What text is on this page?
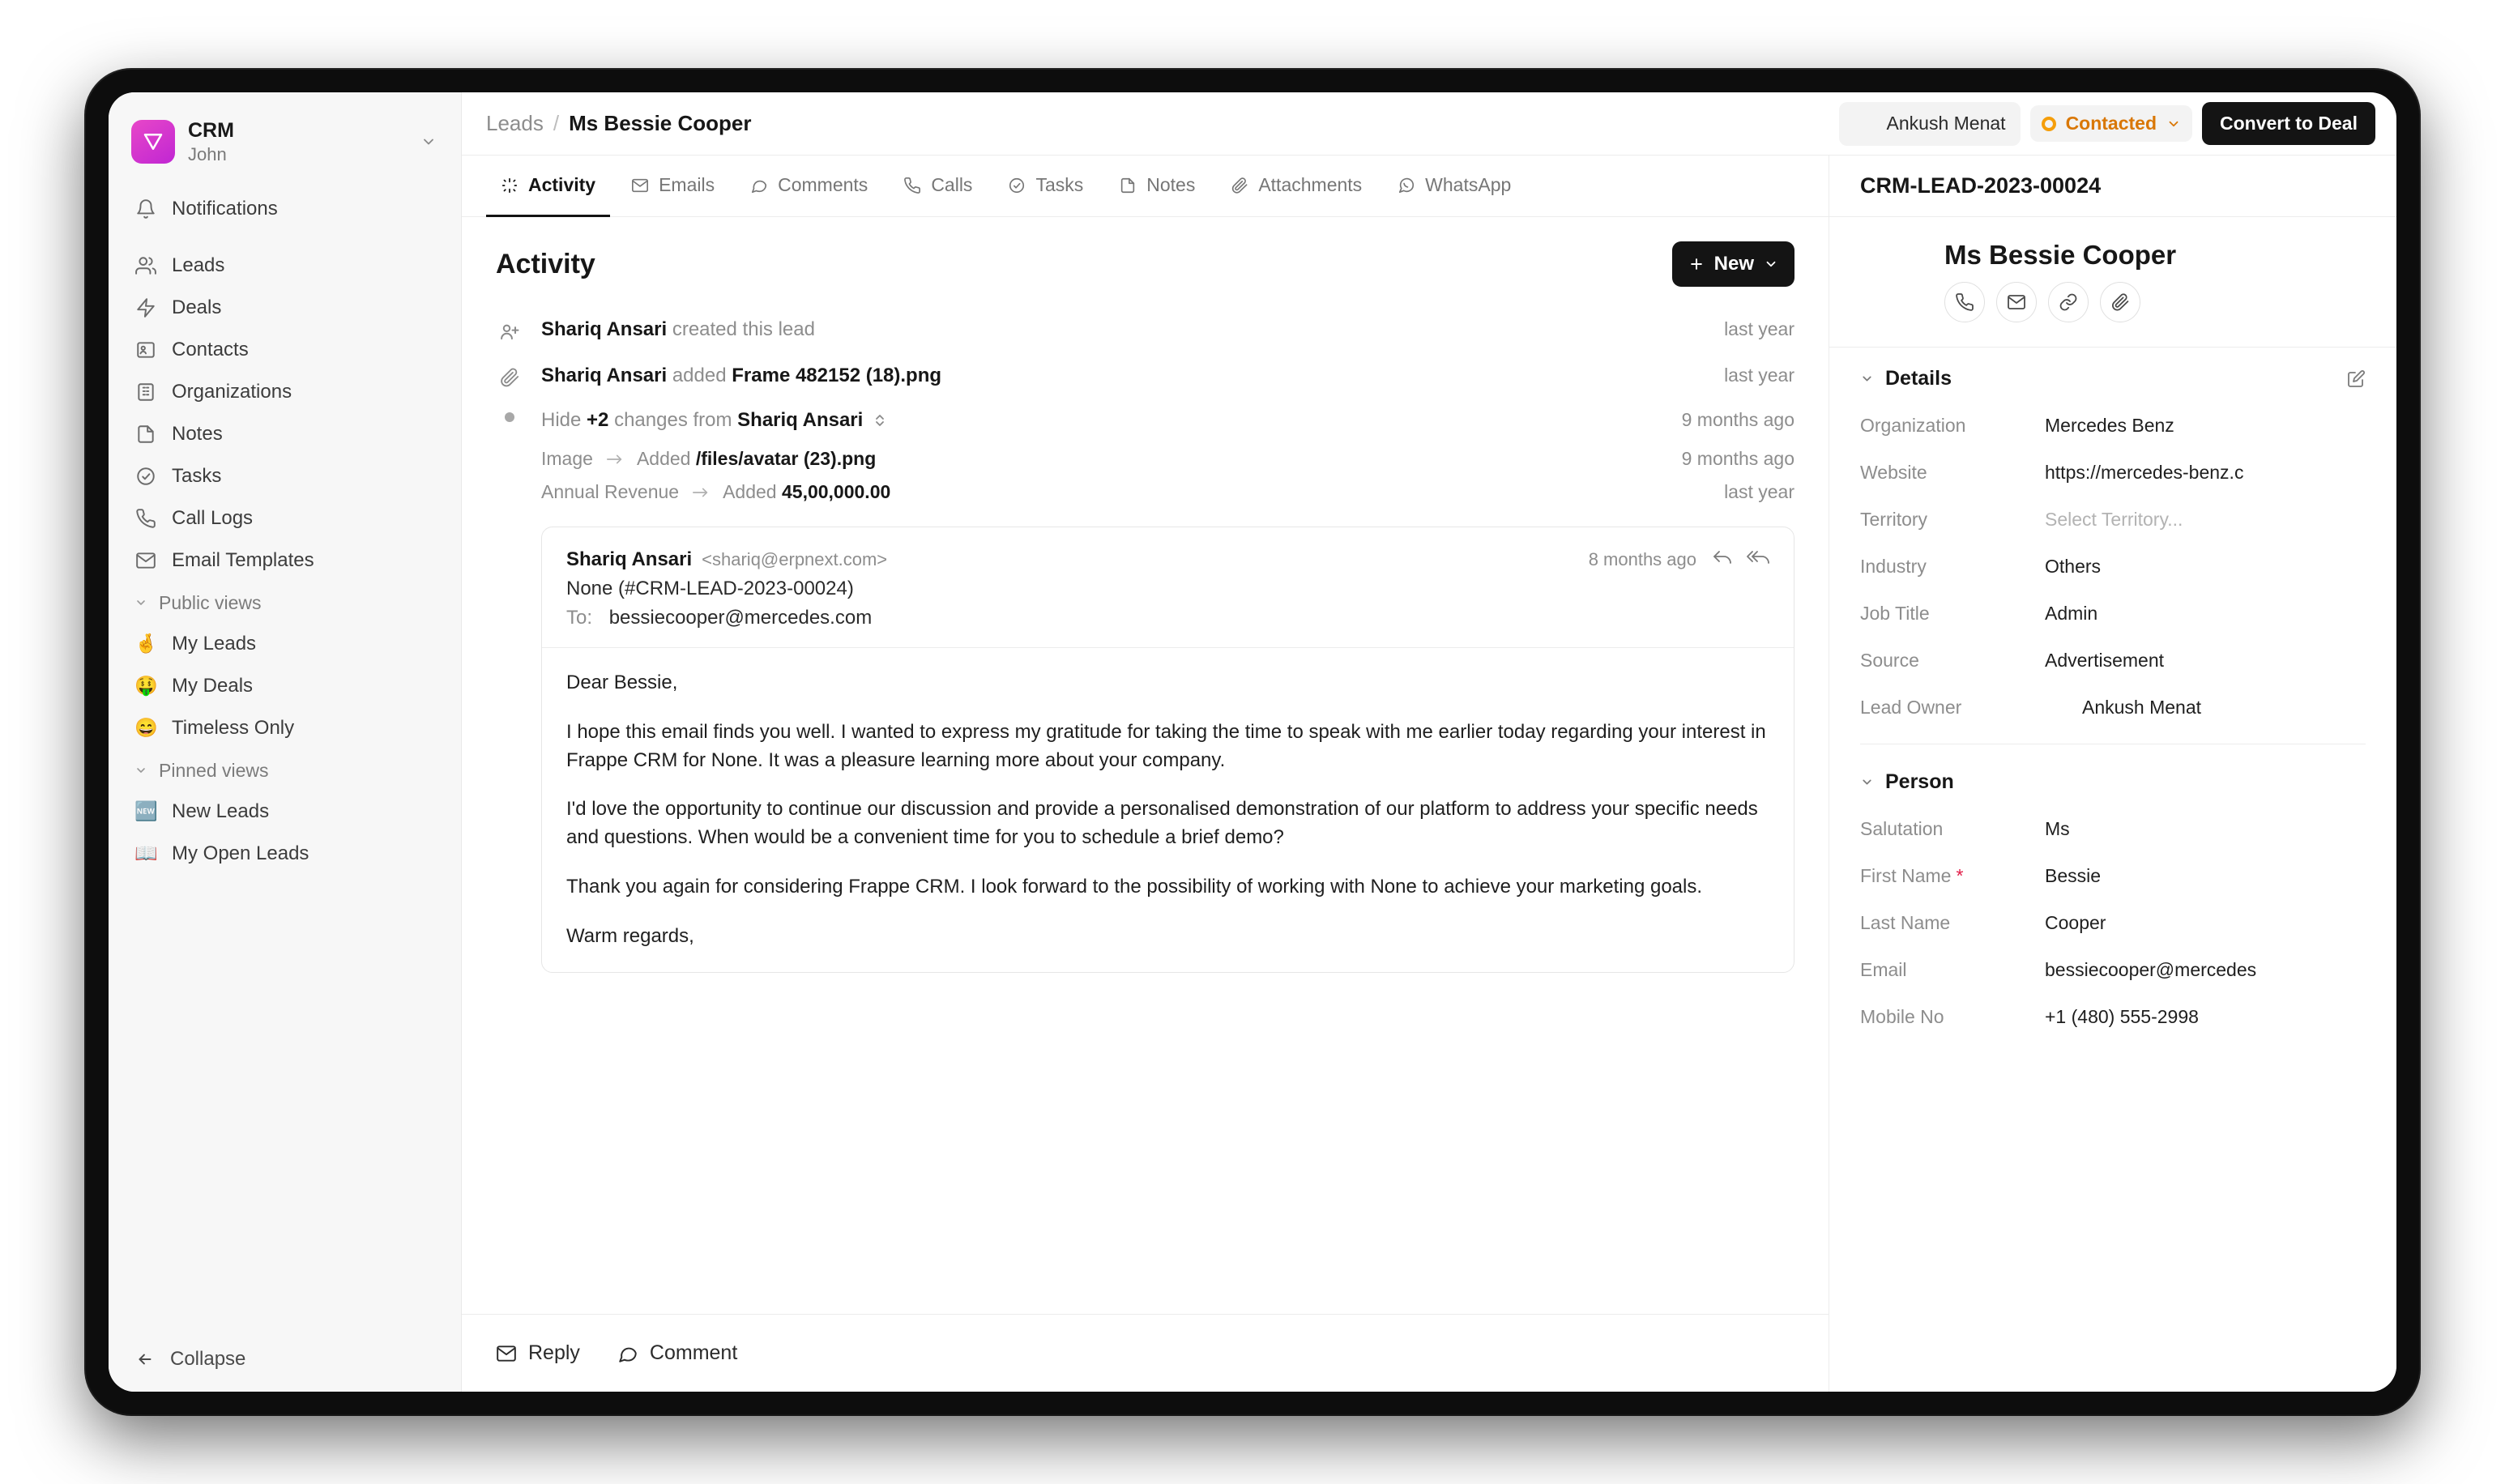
CRM
John
Notifications
Leads
Deals
Contacts
Organizations
Notes
Tasks
Call Logs
Email Templates
Public views
🤞 My Leads
🤑 My Deals
😄 Timeless Only
Pinned views
🆕 New Leads
📖 My Open Leads
Collapse
Leads / Ms Bessie Cooper	Ankush Menat	Contacted	Convert to Deal
Activity	Emails	Comments	Calls	Tasks	Notes	Attachments	WhatsApp
Activity	New
Shariq Ansari created this lead	last year
Shariq Ansari added Frame 482152 (18).png	last year
Hide +2 changes from Shariq Ansari	9 months ago
Image Added
/files/avatar (23).png	9 months ago
Annual Revenue Added
45,00,000.00	last year
Shariq Ansari <shariq@erpnext.com>	8 months ago
None (#CRM-LEAD-2023-00024)
To: bessiecooper@mercedes.com

Dear Bessie,

I hope this email finds you well. I wanted to express my gratitude for taking the time to speak with me earlier today regarding your interest in Frappe CRM for None. It was a pleasure learning more about your company.

I'd love the opportunity to continue our discussion and provide a personalised demonstration of our platform to address your specific needs and questions. When would be a convenient time for you to schedule a brief demo?

Thank you again for considering Frappe CRM. I look forward to the possibility of working with None to achieve your marketing goals.

Warm regards,

Reply	Comment
CRM-LEAD-2023-00024
Ms Bessie Cooper
Details
Organization	Mercedes Benz
Website	https://mercedes-benz.c
Territory	Select Territory...
Industry	Others
Job Title	Admin
Source	Advertisement
Lead Owner	Ankush Menat
Person
Salutation	Ms
First Name *	Bessie
Last Name	Cooper
Email	bessiecooper@mercedes
Mobile No	+1 (480) 555-2998
